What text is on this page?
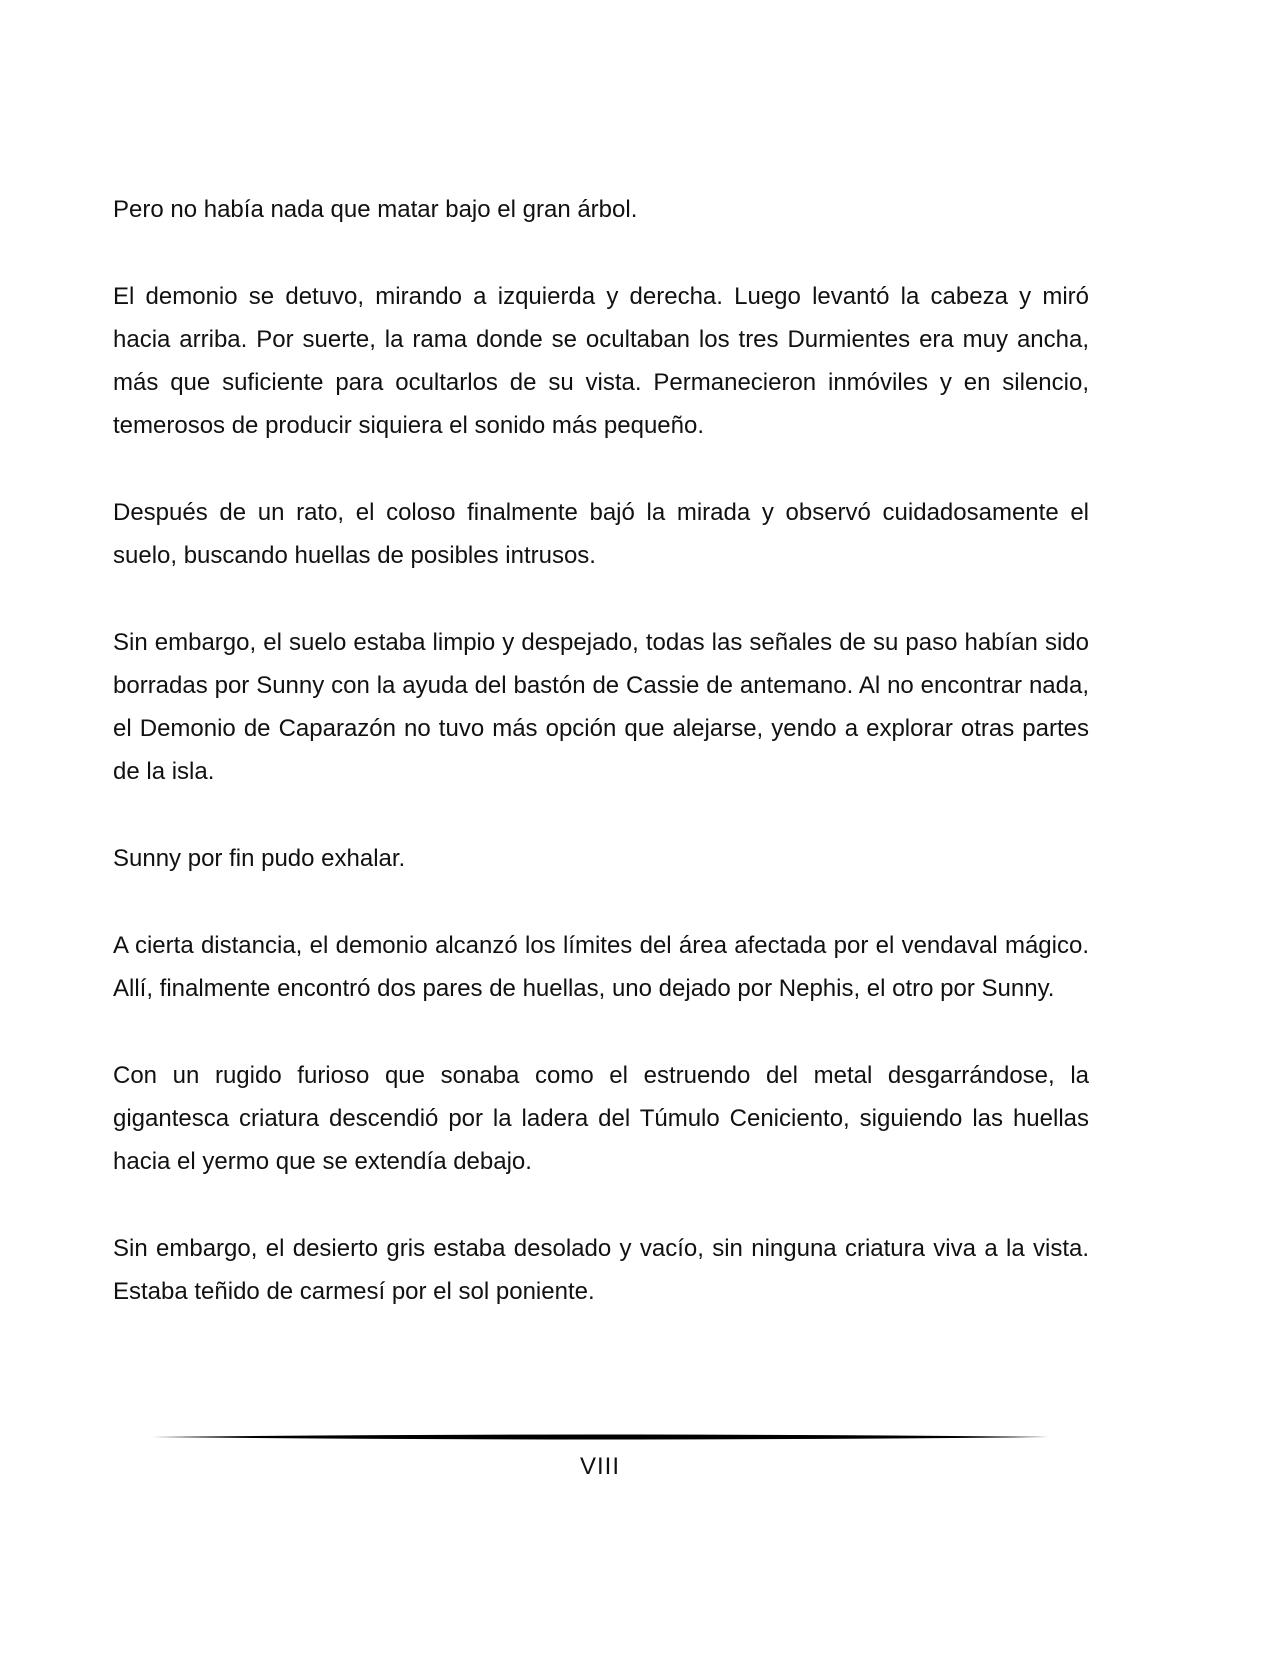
Pero no había nada que matar bajo el gran árbol.

El demonio se detuvo, mirando a izquierda y derecha. Luego levantó la cabeza y miró hacia arriba. Por suerte, la rama donde se ocultaban los tres Durmientes era muy ancha, más que suficiente para ocultarlos de su vista. Permanecieron inmóviles y en silencio, temerosos de producir siquiera el sonido más pequeño.

Después de un rato, el coloso finalmente bajó la mirada y observó cuidadosamente el suelo, buscando huellas de posibles intrusos.

Sin embargo, el suelo estaba limpio y despejado, todas las señales de su paso habían sido borradas por Sunny con la ayuda del bastón de Cassie de antemano. Al no encontrar nada, el Demonio de Caparazón no tuvo más opción que alejarse, yendo a explorar otras partes de la isla.

Sunny por fin pudo exhalar.

A cierta distancia, el demonio alcanzó los límites del área afectada por el vendaval mágico. Allí, finalmente encontró dos pares de huellas, uno dejado por Nephis, el otro por Sunny.

Con un rugido furioso que sonaba como el estruendo del metal desgarrándose, la gigantesca criatura descendió por la ladera del Túmulo Ceniciento, siguiendo las huellas hacia el yermo que se extendía debajo.

Sin embargo, el desierto gris estaba desolado y vacío, sin ninguna criatura viva a la vista. Estaba teñido de carmesí por el sol poniente.

VIII
